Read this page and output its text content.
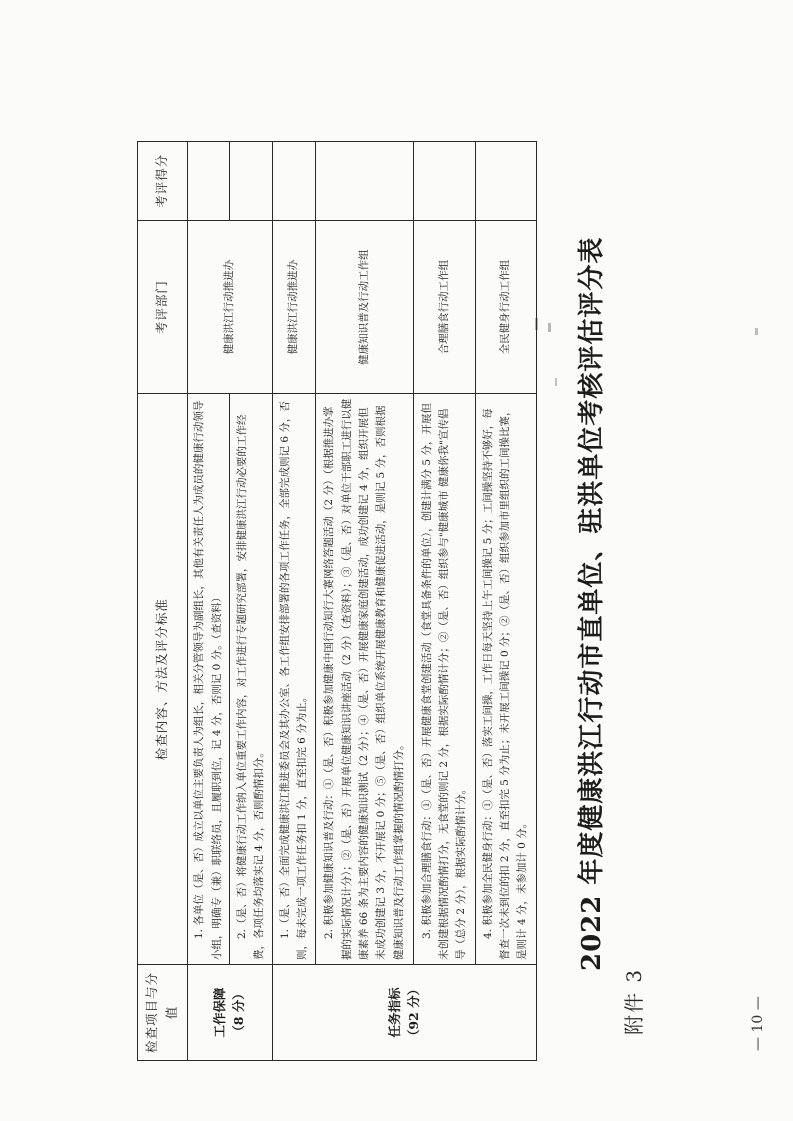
附件 3
2022 年度健康洪江行动市直单位、驻洪单位考核评估评分表
— 10 —
检查项目与分值	检查内容、方法及评分标准	考评部门	考评得分

工作保障 （8 分）	1. 各单位（是、否）成立以单位主要负责人为组长，相关分管领导为副组长，其他有关责任人为成员的健康行动领导小组，明确专（兼）职联络员，且履职到位，记 4 分，否则记 0 分。（查资料）	健康洪江行动推进办	

	2.（是、否）将健康行动工作纳入单位重要工作内容，对工作进行专题研究部署，安排健康洪江行动必要的工作经费，各项任务均落实记 4 分，否则酌情扣分。		

任务指标 （92 分）	1.（是、否）全面完成健康洪江推进委员会及其办公室、各工作组安排部署的各项工作任务，全部完成则记 6 分，否则，每未完成一项工作任务扣 1 分，直至扣完 6 分为止。	健康洪江行动推进办	

	2. 积极参加健康知识普及行动：①（是、否）积极参加健康中国行动知行大赛网络答题活动（2 分）（根据推进办掌握的实际情况计分）；②（是、否）开展单位健康知识讲座活动（2 分）（查资料）；③（是、否）对单位干部职工进行以健康素养 66 条为主要内容的健康知识测试（2 分）；④（是、否）开展健康家庭创建活动，成功创建记 4 分，组织开展但未成功创建记 3 分，不开展记 0 分；⑤（是、否）组织单位系统开展健康教育和健康促进活动，是则记 5 分，否则根据健康知识普及行动工作组掌握的情况酌情打分。	健康知识普及行动工作组	

	3. 积极参加合理膳食行动：①（是、否）开展健康食堂创建活动（食堂具备条件的单位），创建计满分 5 分，开展但未创建根据情况酌情打分，无食堂的则记 2 分，根据实际酌情计分；②（是、否）组织参与"健康城市 健康你我"宣传倡导（总分 2 分），根据实际酌情计分。	合理膳食行动工作组	

	4. 积极参加全民健身行动：①（是、否）落实工间操，工作日每天坚持上午工间操记 5 分；工间操坚持不够好，每督查一次未到位的扣 2 分，直至扣完 5 分为止；未开展工间操记 0 分；②（是、否）组织参加市里组织的工间操比赛，是则计 4 分，未参加计 0 分。	全民健身行动工作组	
